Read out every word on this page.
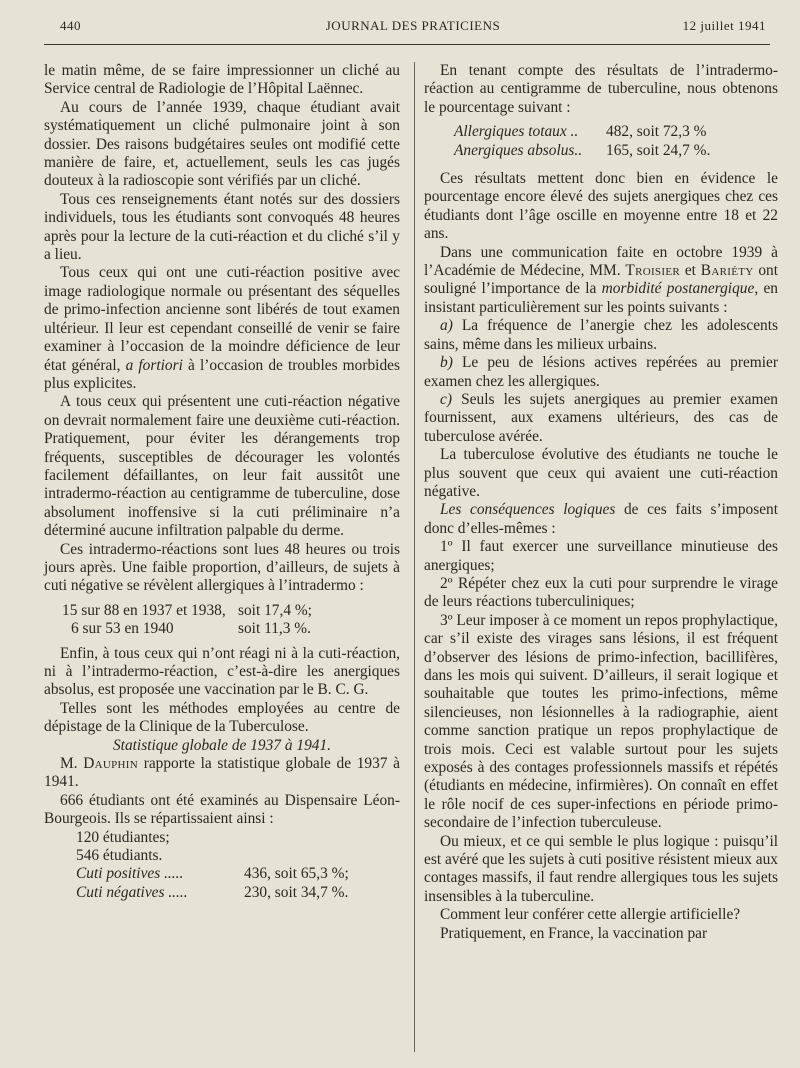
440	JOURNAL DES PRATICIENS	12 juillet 1941

le matin même, de se faire impressionner un cliché au Service central de Radiologie de l’Hôpital Laënnec.

Au cours de l’année 1939, chaque étudiant avait systématiquement un cliché pulmonaire joint à son dossier. Des raisons budgétaires seules ont modifié cette manière de faire, et, actuellement, seuls les cas jugés douteux à la radioscopie sont vérifiés par un cliché.

Tous ces renseignements étant notés sur des dossiers individuels, tous les étudiants sont convoqués 48 heures après pour la lecture de la cuti-réaction et du cliché s’il y a lieu.

Tous ceux qui ont une cuti-réaction positive avec image radiologique normale ou présentant des séquelles de primo-infection ancienne sont libérés de tout examen ultérieur. Il leur est cependant conseillé de venir se faire examiner à l’occasion de la moindre déficience de leur état général, a fortiori à l’occasion de troubles morbides plus explicites.

A tous ceux qui présentent une cuti-réaction négative on devrait normalement faire une deuxième cuti-réaction. Pratiquement, pour éviter les dérangements trop fréquents, susceptibles de décourager les volontés facilement défaillantes, on leur fait aussitôt une intradermo-réaction au centigramme de tuberculine, dose absolument inoffensive si la cuti préliminaire n’a déterminé aucune infiltration palpable du derme.

Ces intradermo-réactions sont lues 48 heures ou trois jours après. Une faible proportion, d’ailleurs, de sujets à cuti négative se révèlent allergiques à l’intradermo :

15 sur 88 en 1937 et 1938, soit 17,4 %;
6 sur 53 en 1940	soit 11,3 %.

Enfin, à tous ceux qui n’ont réagi ni à la cuti-réaction, ni à l’intradermo-réaction, c’est-à-dire les anergiques absolus, est proposée une vaccination par le B. C. G.

Telles sont les méthodes employées au centre de dépistage de la Clinique de la Tuberculose.

Statistique globale de 1937 à 1941.

M. Dauphin rapporte la statistique globale de 1937 à 1941.

666 étudiants ont été examinés au Dispensaire Léon-Bourgeois. Ils se répartissaient ainsi :

120 étudiantes;
546 étudiants.
Cuti positives .....	436, soit 65,3 %;
Cuti négatives .....	230, soit 34,7 %.

En tenant compte des résultats de l’intradermo-réaction au centigramme de tuberculine, nous obtenons le pourcentage suivant :

Allergiques totaux ..	482, soit 72,3 %
Anergiques absolus..	165, soit 24,7 %.

Ces résultats mettent donc bien en évidence le pourcentage encore élevé des sujets anergiques chez ces étudiants dont l’âge oscille en moyenne entre 18 et 22 ans.

Dans une communication faite en octobre 1939 à l’Académie de Médecine, MM. Troisier et Bariéty ont souligné l’importance de la morbidité postanergique, en insistant particulièrement sur les points suivants :

a) La fréquence de l’anergie chez les adolescents sains, même dans les milieux urbains.

b) Le peu de lésions actives repérées au premier examen chez les allergiques.

c) Seuls les sujets anergiques au premier examen fournissent, aux examens ultérieurs, des cas de tuberculose avérée.

La tuberculose évolutive des étudiants ne touche le plus souvent que ceux qui avaient une cuti-réaction négative.

Les conséquences logiques de ces faits s’imposent donc d’elles-mêmes :

1º Il faut exercer une surveillance minutieuse des anergiques;

2º Répéter chez eux la cuti pour surprendre le virage de leurs réactions tuberculiniques;

3º Leur imposer à ce moment un repos prophylactique, car s’il existe des virages sans lésions, il est fréquent d’observer des lésions de primo-infection, bacillifères, dans les mois qui suivent. D’ailleurs, il serait logique et souhaitable que toutes les primo-infections, même silencieuses, non lésionnelles à la radiographie, aient comme sanction pratique un repos prophylactique de trois mois. Ceci est valable surtout pour les sujets exposés à des contages professionnels massifs et répétés (étudiants en médecine, infirmières). On connaît en effet le rôle nocif de ces super-infections en période primo-secondaire de l’infection tuberculeuse.

Ou mieux, et ce qui semble le plus logique : puisqu’il est avéré que les sujets à cuti positive résistent mieux aux contages massifs, il faut rendre allergiques tous les sujets insensibles à la tuberculine.

Comment leur conférer cette allergie artificielle?

Pratiquement, en France, la vaccination par
